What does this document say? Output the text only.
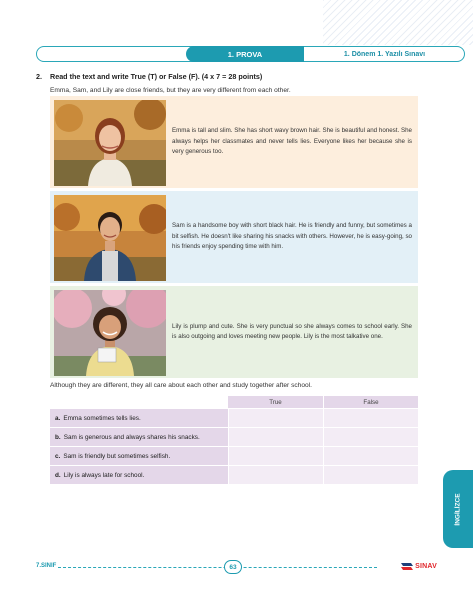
1. PROVA	1. Dönem 1. Yazılı Sınavı
2. Read the text and write True (T) or False (F). (4 x 7 = 28 points)
Emma, Sam, and Lily are close friends, but they are very different from each other.
Emma is tall and slim. She has short wavy brown hair. She is beautiful and honest. She always helps her classmates and never tells lies. Everyone likes her because she is very generous too.
Sam is a handsome boy with short black hair. He is friendly and funny, but sometimes a bit selfish. He doesn't like sharing his snacks with others. However, he is easy-going, so his friends enjoy spending time with him.
Lily is plump and cute. She is very punctual so she always comes to school early. She is also outgoing and loves meeting new people. Lily is the most talkative one.
Although they are different, they all care about each other and study together after school.
True	False
a. Emma sometimes tells lies.
b. Sam is generous and always shares his snacks.
c. Sam is friendly but sometimes selfish.
d. Lily is always late for school.
İNGİLİZCE
7.SINIF	63	SINAV
